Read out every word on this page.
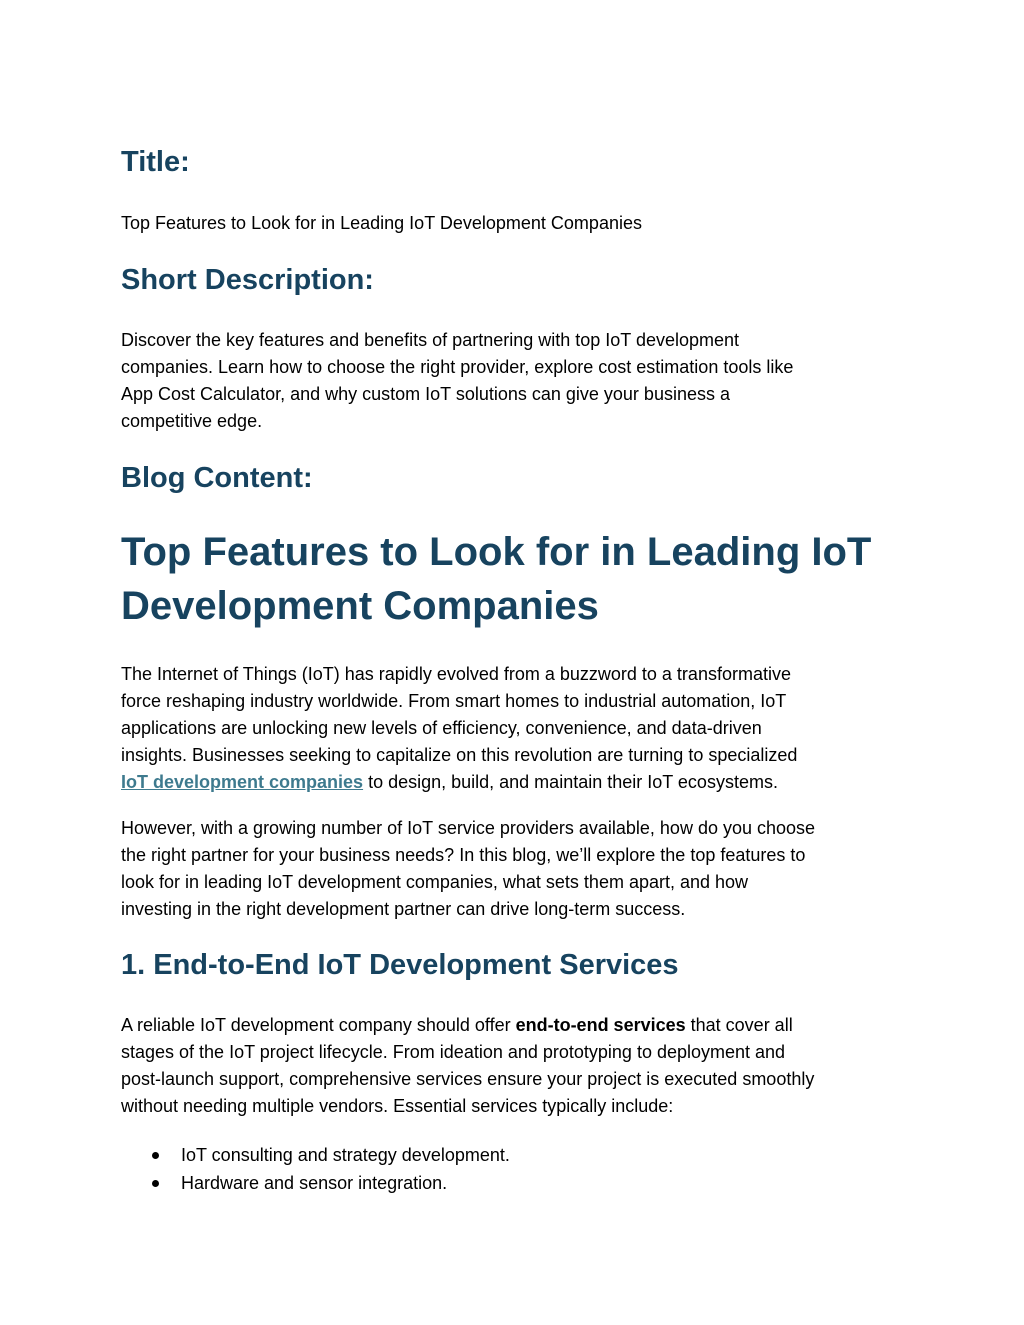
Title:

Top Features to Look for in Leading IoT Development Companies

Short Description:

Discover the key features and benefits of partnering with top IoT development
companies. Learn how to choose the right provider, explore cost estimation tools like
App Cost Calculator, and why custom IoT solutions can give your business a
competitive edge.

Blog Content:
Top Features to Look for in Leading IoT
Development Companies

The Internet of Things (IoT) has rapidly evolved from a buzzword to a transformative
force reshaping industry worldwide. From smart homes to industrial automation, IoT
applications are unlocking new levels of efficiency, convenience, and data-driven
insights. Businesses seeking to capitalize on this revolution are turning to specialized
IoT development companies to design, build, and maintain their IoT ecosystems.

However, with a growing number of IoT service providers available, how do you choose
the right partner for your business needs? In this blog, we’ll explore the top features to
look for in leading IoT development companies, what sets them apart, and how
investing in the right development partner can drive long-term success.

1. End-to-End IoT Development Services

A reliable IoT development company should offer end-to-end services that cover all
stages of the IoT project lifecycle. From ideation and prototyping to deployment and
post-launch support, comprehensive services ensure your project is executed smoothly
without needing multiple vendors. Essential services typically include:

IoT consulting and strategy development.
Hardware and sensor integration.
